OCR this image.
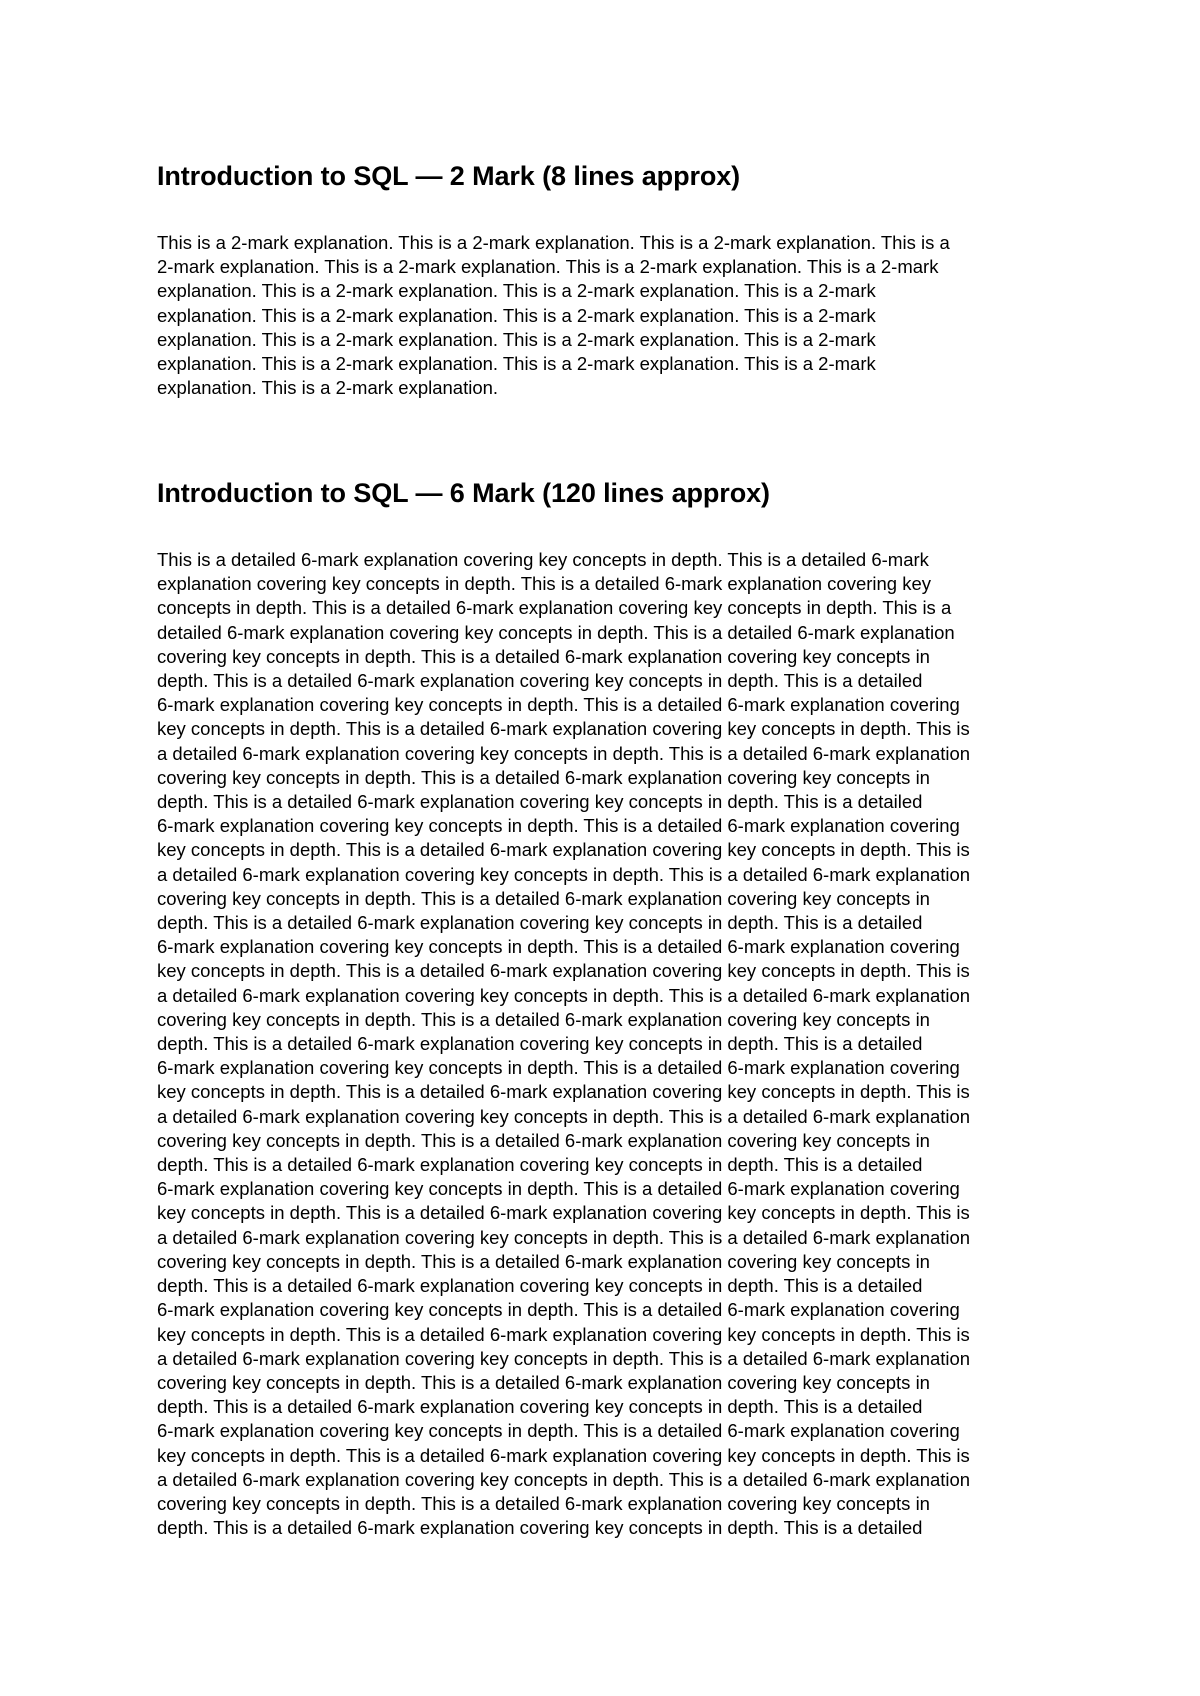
Introduction to SQL — 2 Mark (8 lines approx)
This is a 2-mark explanation. This is a 2-mark explanation. This is a 2-mark explanation. This is a
2-mark explanation. This is a 2-mark explanation. This is a 2-mark explanation. This is a 2-mark
explanation. This is a 2-mark explanation. This is a 2-mark explanation. This is a 2-mark
explanation. This is a 2-mark explanation. This is a 2-mark explanation. This is a 2-mark
explanation. This is a 2-mark explanation. This is a 2-mark explanation. This is a 2-mark
explanation. This is a 2-mark explanation. This is a 2-mark explanation. This is a 2-mark
explanation. This is a 2-mark explanation.
Introduction to SQL — 6 Mark (120 lines approx)
This is a detailed 6-mark explanation covering key concepts in depth. This is a detailed 6-mark
explanation covering key concepts in depth. This is a detailed 6-mark explanation covering key
concepts in depth. This is a detailed 6-mark explanation covering key concepts in depth. This is a
detailed 6-mark explanation covering key concepts in depth. This is a detailed 6-mark explanation
covering key concepts in depth. This is a detailed 6-mark explanation covering key concepts in
depth. This is a detailed 6-mark explanation covering key concepts in depth. This is a detailed
6-mark explanation covering key concepts in depth. This is a detailed 6-mark explanation covering
key concepts in depth. This is a detailed 6-mark explanation covering key concepts in depth. This is
a detailed 6-mark explanation covering key concepts in depth. This is a detailed 6-mark explanation
covering key concepts in depth. This is a detailed 6-mark explanation covering key concepts in
depth. This is a detailed 6-mark explanation covering key concepts in depth. This is a detailed
6-mark explanation covering key concepts in depth. This is a detailed 6-mark explanation covering
key concepts in depth. This is a detailed 6-mark explanation covering key concepts in depth. This is
a detailed 6-mark explanation covering key concepts in depth. This is a detailed 6-mark explanation
covering key concepts in depth. This is a detailed 6-mark explanation covering key concepts in
depth. This is a detailed 6-mark explanation covering key concepts in depth. This is a detailed
6-mark explanation covering key concepts in depth. This is a detailed 6-mark explanation covering
key concepts in depth. This is a detailed 6-mark explanation covering key concepts in depth. This is
a detailed 6-mark explanation covering key concepts in depth. This is a detailed 6-mark explanation
covering key concepts in depth. This is a detailed 6-mark explanation covering key concepts in
depth. This is a detailed 6-mark explanation covering key concepts in depth. This is a detailed
6-mark explanation covering key concepts in depth. This is a detailed 6-mark explanation covering
key concepts in depth. This is a detailed 6-mark explanation covering key concepts in depth. This is
a detailed 6-mark explanation covering key concepts in depth. This is a detailed 6-mark explanation
covering key concepts in depth. This is a detailed 6-mark explanation covering key concepts in
depth. This is a detailed 6-mark explanation covering key concepts in depth. This is a detailed
6-mark explanation covering key concepts in depth. This is a detailed 6-mark explanation covering
key concepts in depth. This is a detailed 6-mark explanation covering key concepts in depth. This is
a detailed 6-mark explanation covering key concepts in depth. This is a detailed 6-mark explanation
covering key concepts in depth. This is a detailed 6-mark explanation covering key concepts in
depth. This is a detailed 6-mark explanation covering key concepts in depth. This is a detailed
6-mark explanation covering key concepts in depth. This is a detailed 6-mark explanation covering
key concepts in depth. This is a detailed 6-mark explanation covering key concepts in depth. This is
a detailed 6-mark explanation covering key concepts in depth. This is a detailed 6-mark explanation
covering key concepts in depth. This is a detailed 6-mark explanation covering key concepts in
depth. This is a detailed 6-mark explanation covering key concepts in depth. This is a detailed
6-mark explanation covering key concepts in depth. This is a detailed 6-mark explanation covering
key concepts in depth. This is a detailed 6-mark explanation covering key concepts in depth. This is
a detailed 6-mark explanation covering key concepts in depth. This is a detailed 6-mark explanation
covering key concepts in depth. This is a detailed 6-mark explanation covering key concepts in
depth. This is a detailed 6-mark explanation covering key concepts in depth. This is a detailed
